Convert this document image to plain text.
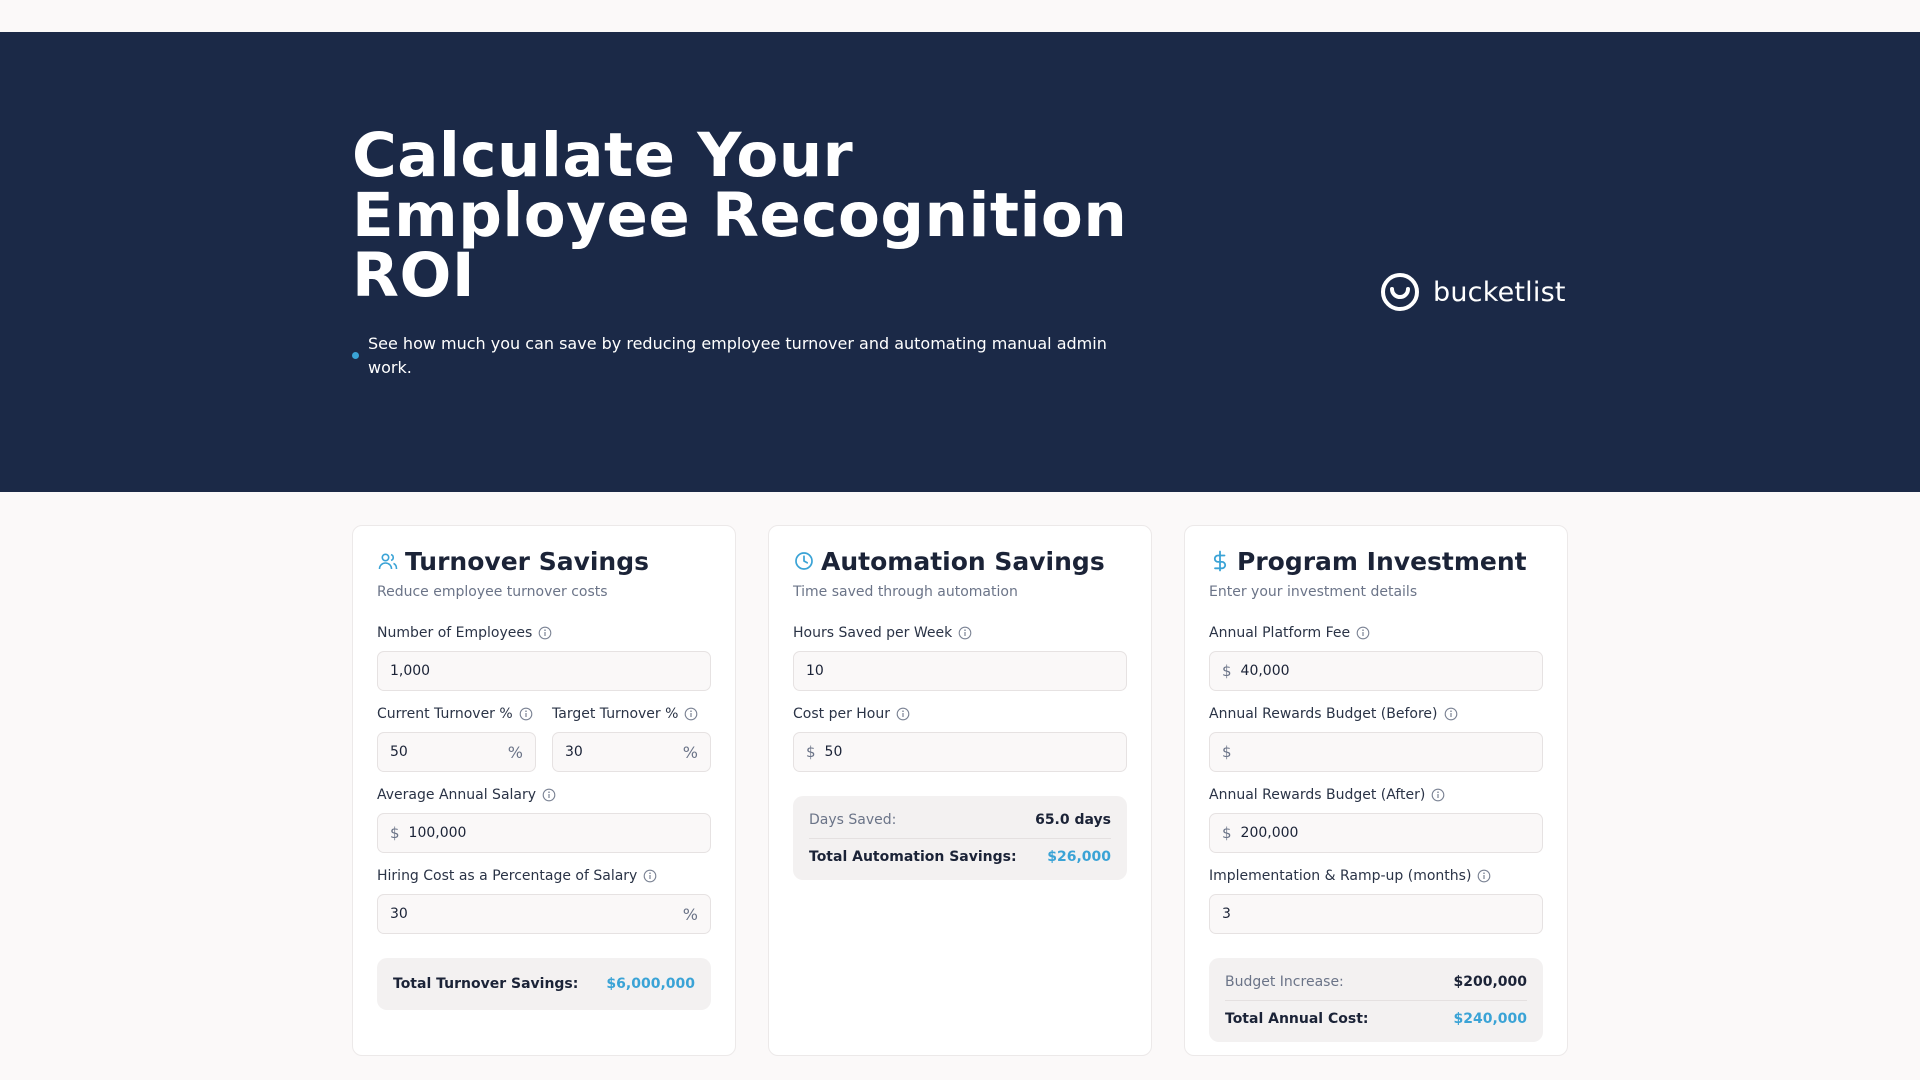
Calculate Your Employee Recognition ROI
See how much you can save by reducing employee turnover and automating manual admin work.
bucketlist
Turnover Savings
Reduce employee turnover costs
Number of Employees
1,000
Current Turnover %
50	%
Target Turnover %
30	%
Average Annual Salary
$ 100,000
Hiring Cost as a Percentage of Salary
30	%
Total Turnover Savings: $6,000,000
Automation Savings
Time saved through automation
Hours Saved per Week
10
Cost per Hour
$ 50
Days Saved:	65.0 days
Total Automation Savings: $26,000
Program Investment
Enter your investment details
Annual Platform Fee
$ 40,000
Annual Rewards Budget (Before)
$
Annual Rewards Budget (After)
$ 200,000
Implementation & Ramp-up (months)
3
Budget Increase:	$200,000
Total Annual Cost:	$240,000
